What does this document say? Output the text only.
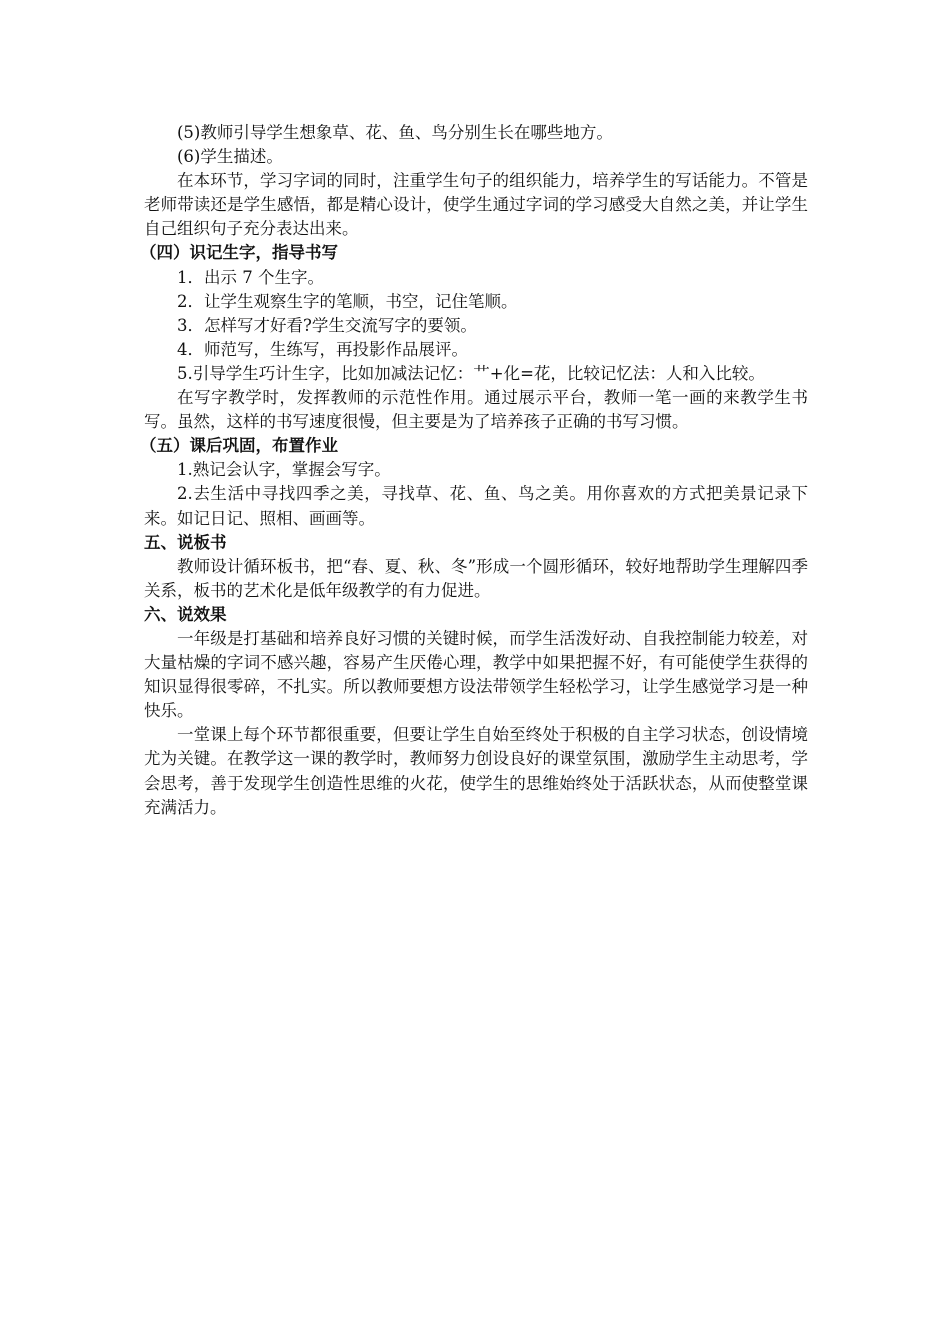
(5)教师引导学生想象草、花、鱼、鸟分别生长在哪些地方。

(6)学生描述。

在本环节，学习字词的同时，注重学生句子的组织能力，培养学生的写话能力。不管是老师带读还是学生感悟，都是精心设计，使学生通过字词的学习感受大自然之美，并让学生自己组织句子充分表达出来。

（四）识记生字，指导书写

1．出示 7 个生字。

2．让学生观察生字的笔顺，书空，记住笔顺。

3．怎样写才好看?学生交流写字的要领。

4．师范写，生练写，再投影作品展评。

5.引导学生巧计生字，比如加减法记忆：艹+化=花，比较记忆法：人和入比较。

在写字教学时，发挥教师的示范性作用。通过展示平台，教师一笔一画的来教学生书写。虽然，这样的书写速度很慢，但主要是为了培养孩子正确的书写习惯。

（五）课后巩固，布置作业

1.熟记会认字，掌握会写字。

2.去生活中寻找四季之美，寻找草、花、鱼、鸟之美。用你喜欢的方式把美景记录下来。如记日记、照相、画画等。

五、说板书

教师设计循环板书，把“春、夏、秋、冬”形成一个圆形循环，较好地帮助学生理解四季关系，板书的艺术化是低年级教学的有力促进。

六、说效果

一年级是打基础和培养良好习惯的关键时候，而学生活泼好动、自我控制能力较差，对大量枯燥的字词不感兴趣，容易产生厌倦心理，教学中如果把握不好，有可能使学生获得的知识显得很零碎，不扎实。所以教师要想方设法带领学生轻松学习，让学生感觉学习是一种快乐。

一堂课上每个环节都很重要，但要让学生自始至终处于积极的自主学习状态，创设情境尤为关键。在教学这一课的教学时，教师努力创设良好的课堂氛围，激励学生主动思考，学会思考，善于发现学生创造性思维的火花，使学生的思维始终处于活跃状态，从而使整堂课充满活力。
